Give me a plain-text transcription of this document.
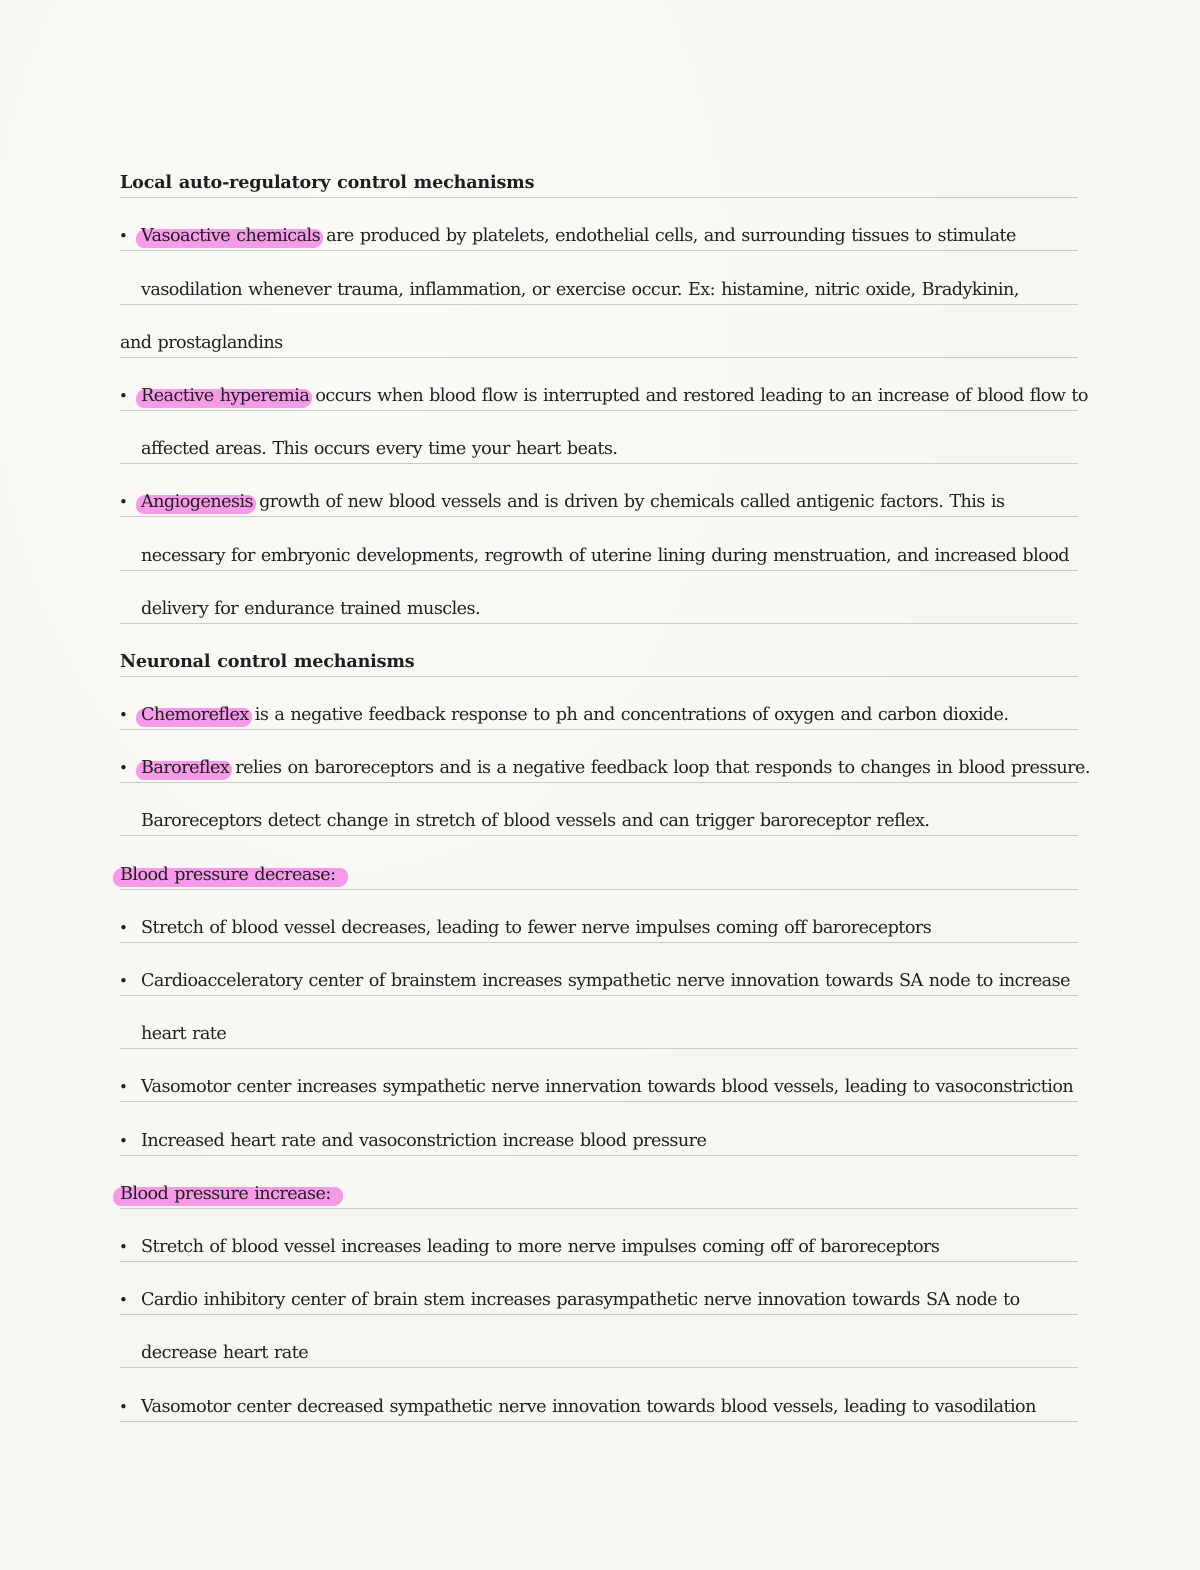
Local auto-regulatory control mechanisms
• Vasoactive chemicals are produced by platelets, endothelial cells, and surrounding tissues to stimulate
vasodilation whenever trauma, inflammation, or exercise occur. Ex: histamine, nitric oxide, Bradykinin,
and prostaglandins
• Reactive hyperemia occurs when blood flow is interrupted and restored leading to an increase of blood flow to
affected areas. This occurs every time your heart beats.
• Angiogenesis growth of new blood vessels and is driven by chemicals called antigenic factors. This is
necessary for embryonic developments, regrowth of uterine lining during menstruation, and increased blood
delivery for endurance trained muscles.
Neuronal control mechanisms
• Chemoreflex is a negative feedback response to ph and concentrations of oxygen and carbon dioxide.
• Baroreflex relies on baroreceptors and is a negative feedback loop that responds to changes in blood pressure.
Baroreceptors detect change in stretch of blood vessels and can trigger baroreceptor reflex.
Blood pressure decrease:
• Stretch of blood vessel decreases, leading to fewer nerve impulses coming off baroreceptors
• Cardioacceleratory center of brainstem increases sympathetic nerve innovation towards SA node to increase
heart rate
• Vasomotor center increases sympathetic nerve innervation towards blood vessels, leading to vasoconstriction
• Increased heart rate and vasoconstriction increase blood pressure
Blood pressure increase:
• Stretch of blood vessel increases leading to more nerve impulses coming off of baroreceptors
• Cardio inhibitory center of brain stem increases parasympathetic nerve innovation towards SA node to
decrease heart rate
• Vasomotor center decreased sympathetic nerve innovation towards blood vessels, leading to vasodilation
